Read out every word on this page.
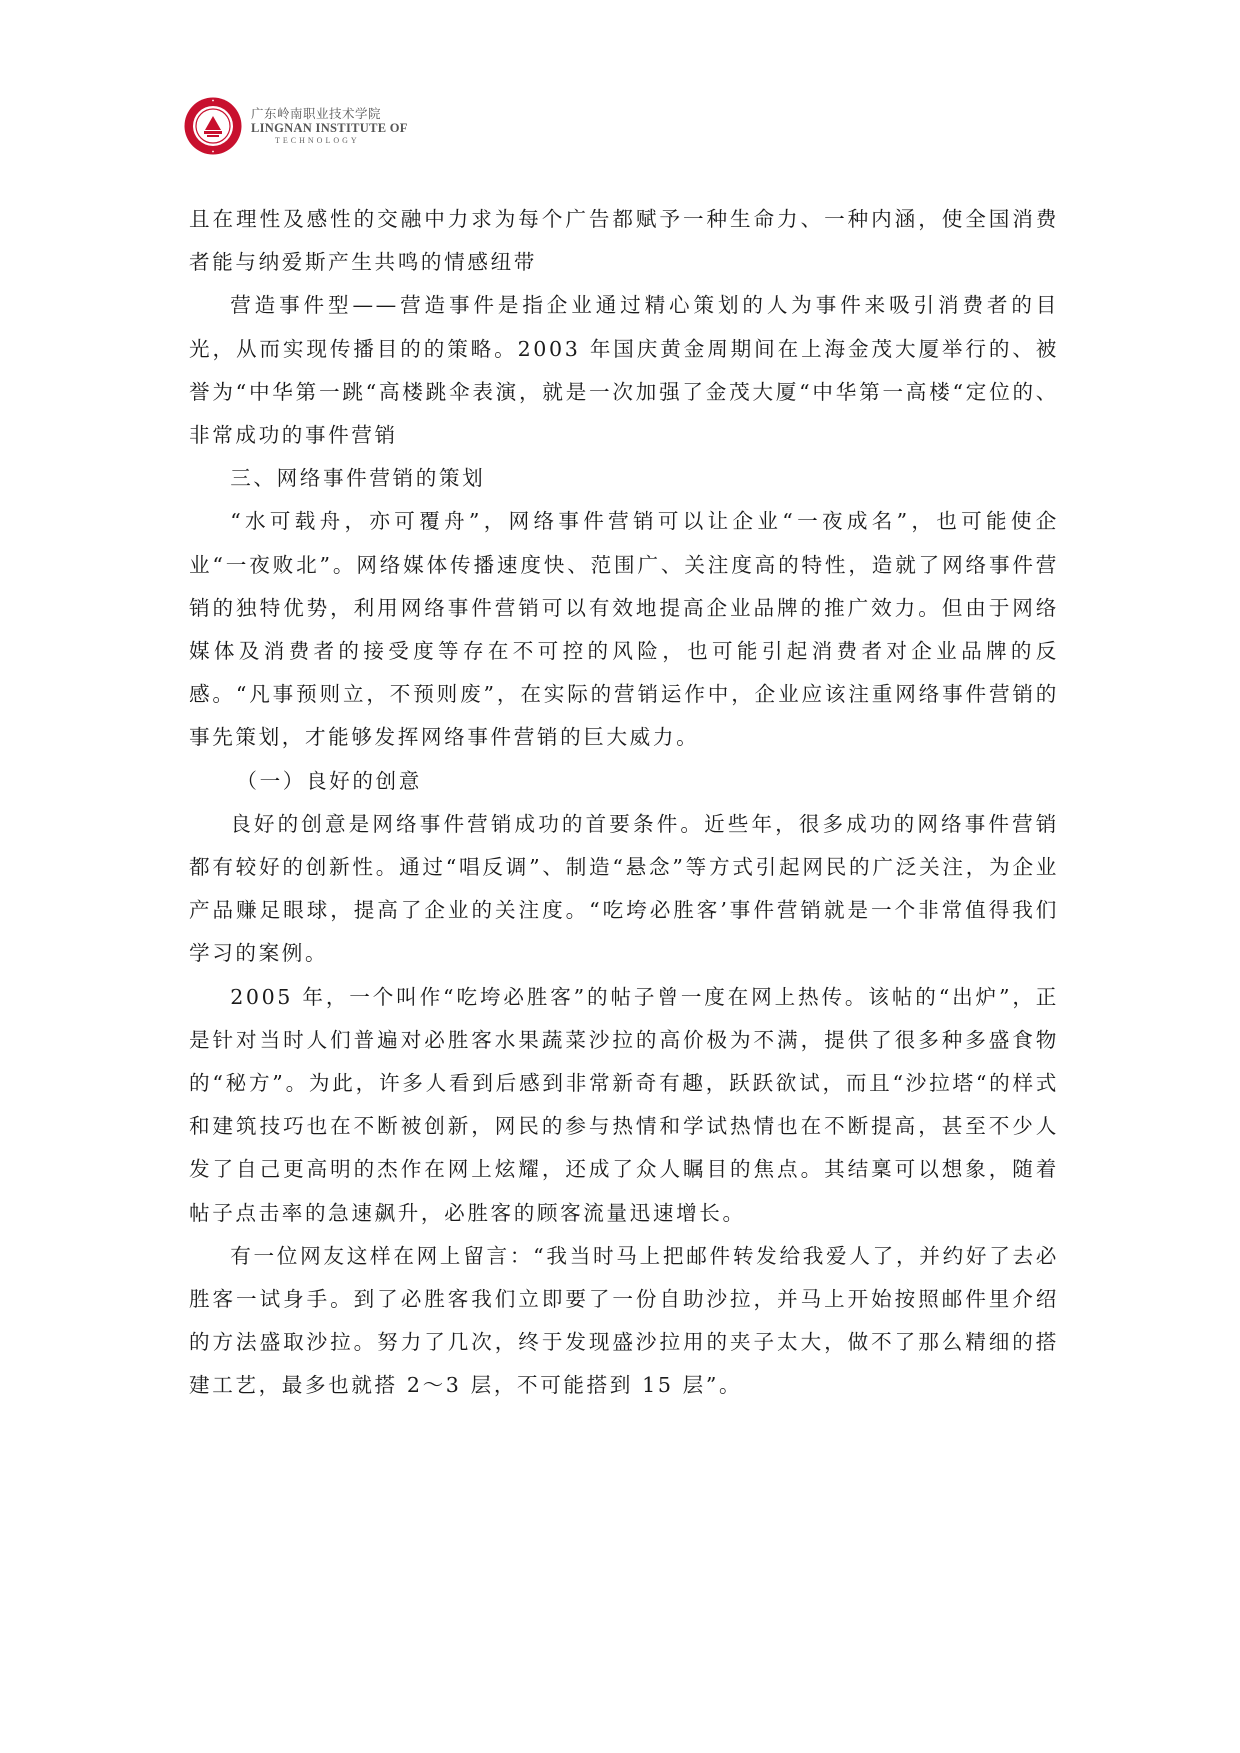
广东岭南职业技术学院
LINGNAN INSTITUTE OF
TECHNOLOGY

且在理性及感性的交融中力求为每个广告都赋予一种生命力、一种内涵，使全国消费者能与纳爱斯产生共鸣的情感纽带

营造事件型——营造事件是指企业通过精心策划的人为事件来吸引消费者的目光，从而实现传播目的的策略。2003 年国庆黄金周期间在上海金茂大厦举行的、被誉为“中华第一跳“高楼跳伞表演，就是一次加强了金茂大厦“中华第一高楼“定位的、非常成功的事件营销

三、网络事件营销的策划

“水可载舟，亦可覆舟”，网络事件营销可以让企业“一夜成名”，也可能使企业“一夜败北”。网络媒体传播速度快、范围广、关注度高的特性，造就了网络事件营销的独特优势，利用网络事件营销可以有效地提高企业品牌的推广效力。但由于网络媒体及消费者的接受度等存在不可控的风险，也可能引起消费者对企业品牌的反感。“凡事预则立，不预则废”，在实际的营销运作中，企业应该注重网络事件营销的事先策划，才能够发挥网络事件营销的巨大威力。

（一）良好的创意

良好的创意是网络事件营销成功的首要条件。近些年，很多成功的网络事件营销都有较好的创新性。通过“唱反调”、制造“悬念”等方式引起网民的广泛关注，为企业产品赚足眼球，提高了企业的关注度。“吃垮必胜客’事件营销就是一个非常值得我们学习的案例。

2005 年，一个叫作“吃垮必胜客”的帖子曾一度在网上热传。该帖的“出炉”，正是针对当时人们普遍对必胜客水果蔬菜沙拉的高价极为不满，提供了很多种多盛食物的“秘方”。为此，许多人看到后感到非常新奇有趣，跃跃欲试，而且“沙拉塔“的样式和建筑技巧也在不断被创新，网民的参与热情和学试热情也在不断提高，甚至不少人发了自己更高明的杰作在网上炫耀，还成了众人瞩目的焦点。其结稟可以想象，随着帖子点击率的急速飙升，必胜客的顾客流量迅速增长。

有一位网友这样在网上留言：“我当时马上把邮件转发给我爱人了，并约好了去必胜客一试身手。到了必胜客我们立即要了一份自助沙拉，并马上开始按照邮件里介绍的方法盛取沙拉。努力了几次，终于发现盛沙拉用的夹子太大，做不了那么精细的搭建工艺，最多也就搭 2〜3 层，不可能搭到 15 层”。
